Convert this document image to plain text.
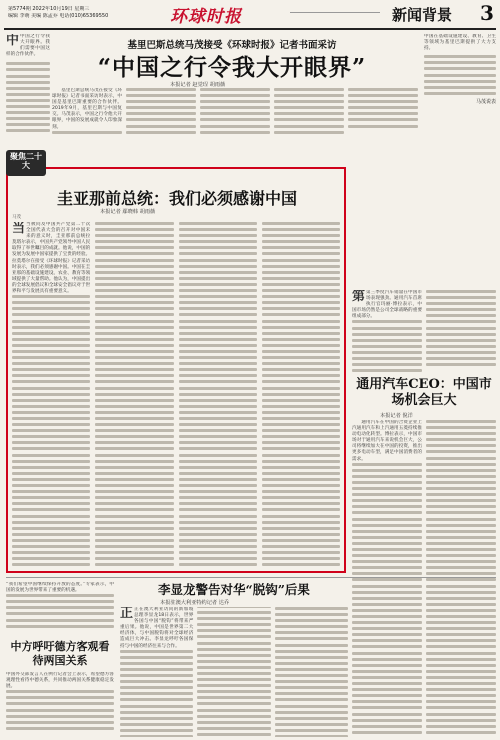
第5774期 2022年10月19日 星期三
编辑 李萌 美编 陈孟乔 电话(010)65369550	环球时报	新闻背景	3
中 中国之行令我大开眼界。我们需要中国这样的合作伙伴。
基里巴斯总统马茂接受《环球时报》记者书面采访
“中国之行令我大开眼界”
本报记者 赵觉珵 胡雨薇

基里巴斯总统马茂在接受《环球时报》记者书面采访时表示，中国是基里巴斯重要的合作伙伴。2019年9月，基里巴斯与中国复交。马茂表示，中国之行令他大开眼界，中国的发展成就令人印象深刻。

中国在基础设施建设、教育、卫生等领域为基里巴斯提供了大力支持。
马茂说表
聚焦二十大
圭亚那前总统：我们必须感谢中国
本报记者 鄢晓韩 胡雨薇
马茂
当 当被问及中国共产党第二十次全国代表大会的召开对中国未来的意义时，圭亚那前总统拉莫塔尔表示，中国共产党领导中国人民取得了举世瞩目的成就。他说，中国的发展为发展中国家提供了宝贵的经验。拉莫塔尔在接受《环球时报》记者采访时表示，我们必须感谢中国。中国在圭亚那的基础设施建设、农业、教育等领域提供了大量帮助。他认为，中国提出的全球发展倡议和全球安全倡议对于世界和平与发展具有重要意义。	第 第三季度汽车销量在中国市场表现强劲。通用汽车首席执行官玛丽·博拉表示，中国市场仍然是公司全球战略的重要组成部分。
通用汽车CEO：中国市场机会巨大
本报记者 倪洋

通用汽车在中国的合资企业上汽通用汽车和上汽通用五菱持续推动电动化转型。博拉表示，中国市场对于通用汽车来说机会巨大，公司将继续加大在中国的投资，推出更多电动车型，满足中国消费者的需求。

“我们希望中国继续保持开放的态度。”专家表示，中国的发展为世界带来了重要的机遇。
中方呼吁德方客观看待两国关系
中国外交部发言人在例行记者会上表示，希望德方客观理性看待中德关系，共同推动两国关系健康稳定发展。
李显龙警告对华“脱钩”后果
本报驻澳大利亚特约记者 达乔
正 正在澳大利亚访问的新加坡总理李显龙18日表示，世界各国与中国“脱钩”将带来严重后果。他说，中国是世界第二大经济体，与中国脱钩将对全球经济造成巨大冲击。李显龙呼吁各国保持与中国的经济往来与合作。
